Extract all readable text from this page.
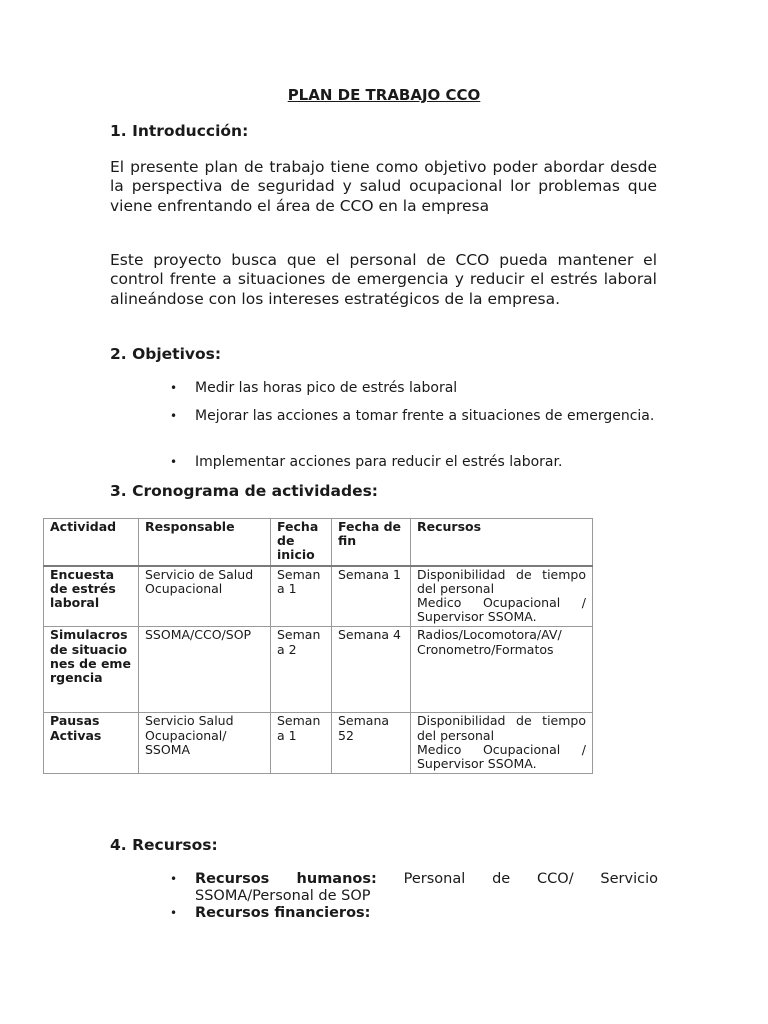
PLAN DE TRABAJO CCO
1. Introducción:
El presente plan de trabajo tiene como objetivo poder abordar desde la perspectiva de seguridad y salud ocupacional lor problemas que viene enfrentando el área de CCO en la empresa
Este proyecto busca que el personal de CCO pueda mantener el control frente a situaciones de emergencia y reducir el estrés laboral alineándose con los intereses estratégicos de la empresa.
2. Objetivos:
• Medir las horas pico de estrés laboral
• Mejorar las acciones a tomar frente a situaciones de emergencia.
• Implementar acciones para reducir el estrés laborar.
3. Cronograma de actividades:
Actividad	Responsable	Fecha de inicio	Fecha de fin	Recursos
Encuesta de estrés laboral	Servicio de Salud Ocupacional	Semana 1	Semana 1	Disponibilidad de tiempo del personal
Medico Ocupacional / Supervisor SSOMA.

Simulacros de situaciones de emergencia	SSOMA/CCO/SOP	Semana 2	Semana 4	Radios/Locomotora/AV/ Cronometro/Formatos

Pausas Activas	Servicio Salud Ocupacional/ SSOMA	Semana 1	Semana 52	Disponibilidad de tiempo del personal
Medico Ocupacional / Supervisor SSOMA.
4. Recursos:
• Recursos humanos: Personal de CCO/ Servicio SSOMA/Personal de SOP
• Recursos financieros:
